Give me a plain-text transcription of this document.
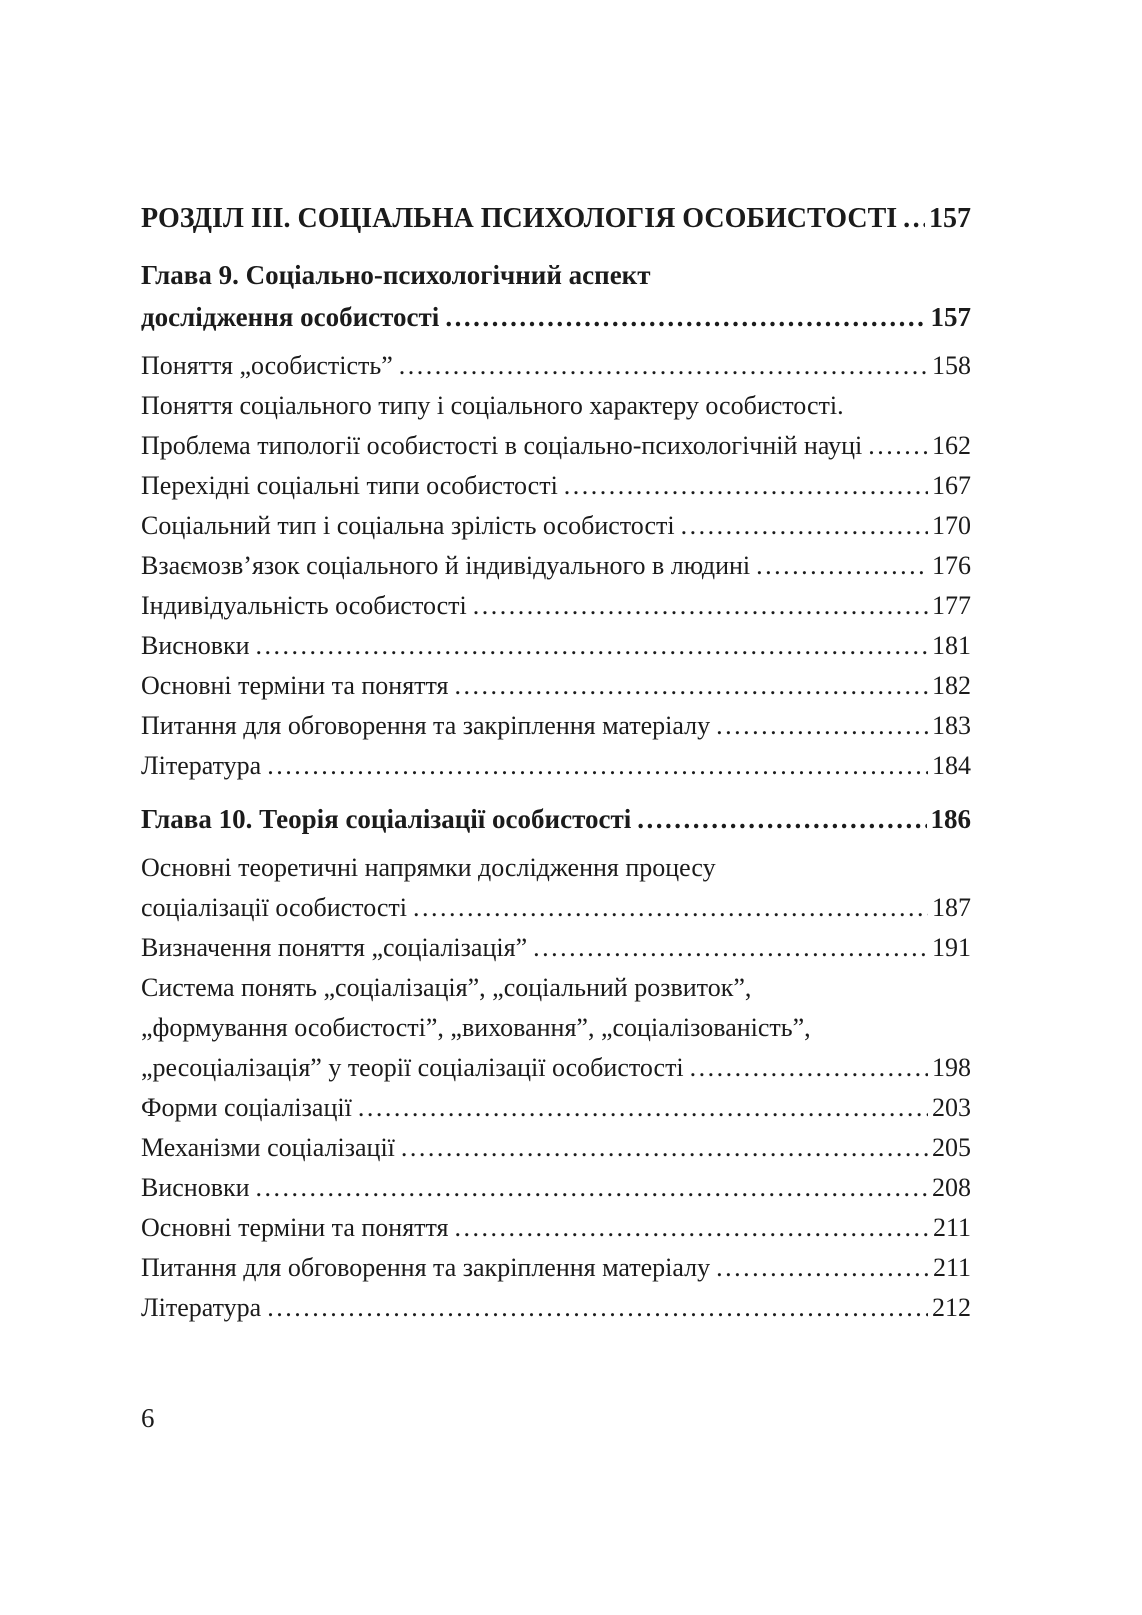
РОЗДІЛ ІІІ. СОЦІАЛЬНА ПСИХОЛОГІЯ ОСОБИСТОСТІ ..... 157
Глава 9. Соціально-психологічний аспект
дослідження особистості .....	157
Поняття „особистість” .....	158
Поняття соціального типу і соціального характеру особистості.
Проблема типології особистості в соціально-психологічній науці .....	162
Перехідні соціальні типи особистості .....	167
Соціальний тип і соціальна зрілість особистості .....	170
Взаємозв’язок соціального й індивідуального в людині .....	176
Індивідуальність особистості .....	177
Висновки .....	181
Основні терміни та поняття .....	182
Питання для обговорення та закріплення матеріалу .....	183
Література .....	184
Глава 10. Теорія соціалізації особистості .....	186
Основні теоретичні напрямки дослідження процесу
соціалізації особистості .....	187
Визначення поняття „соціалізація” .....	191
Система понять „соціалізація”, „соціальний розвиток”,
„формування особистості”, „виховання”, „соціалізованість”,
„ресоціалізація” у теорії соціалізації особистості .....	198
Форми соціалізації .....	203
Механізми соціалізації .....	205
Висновки .....	208
Основні терміни та поняття .....	211
Питання для обговорення та закріплення матеріалу .....	211
Література .....	212
6
